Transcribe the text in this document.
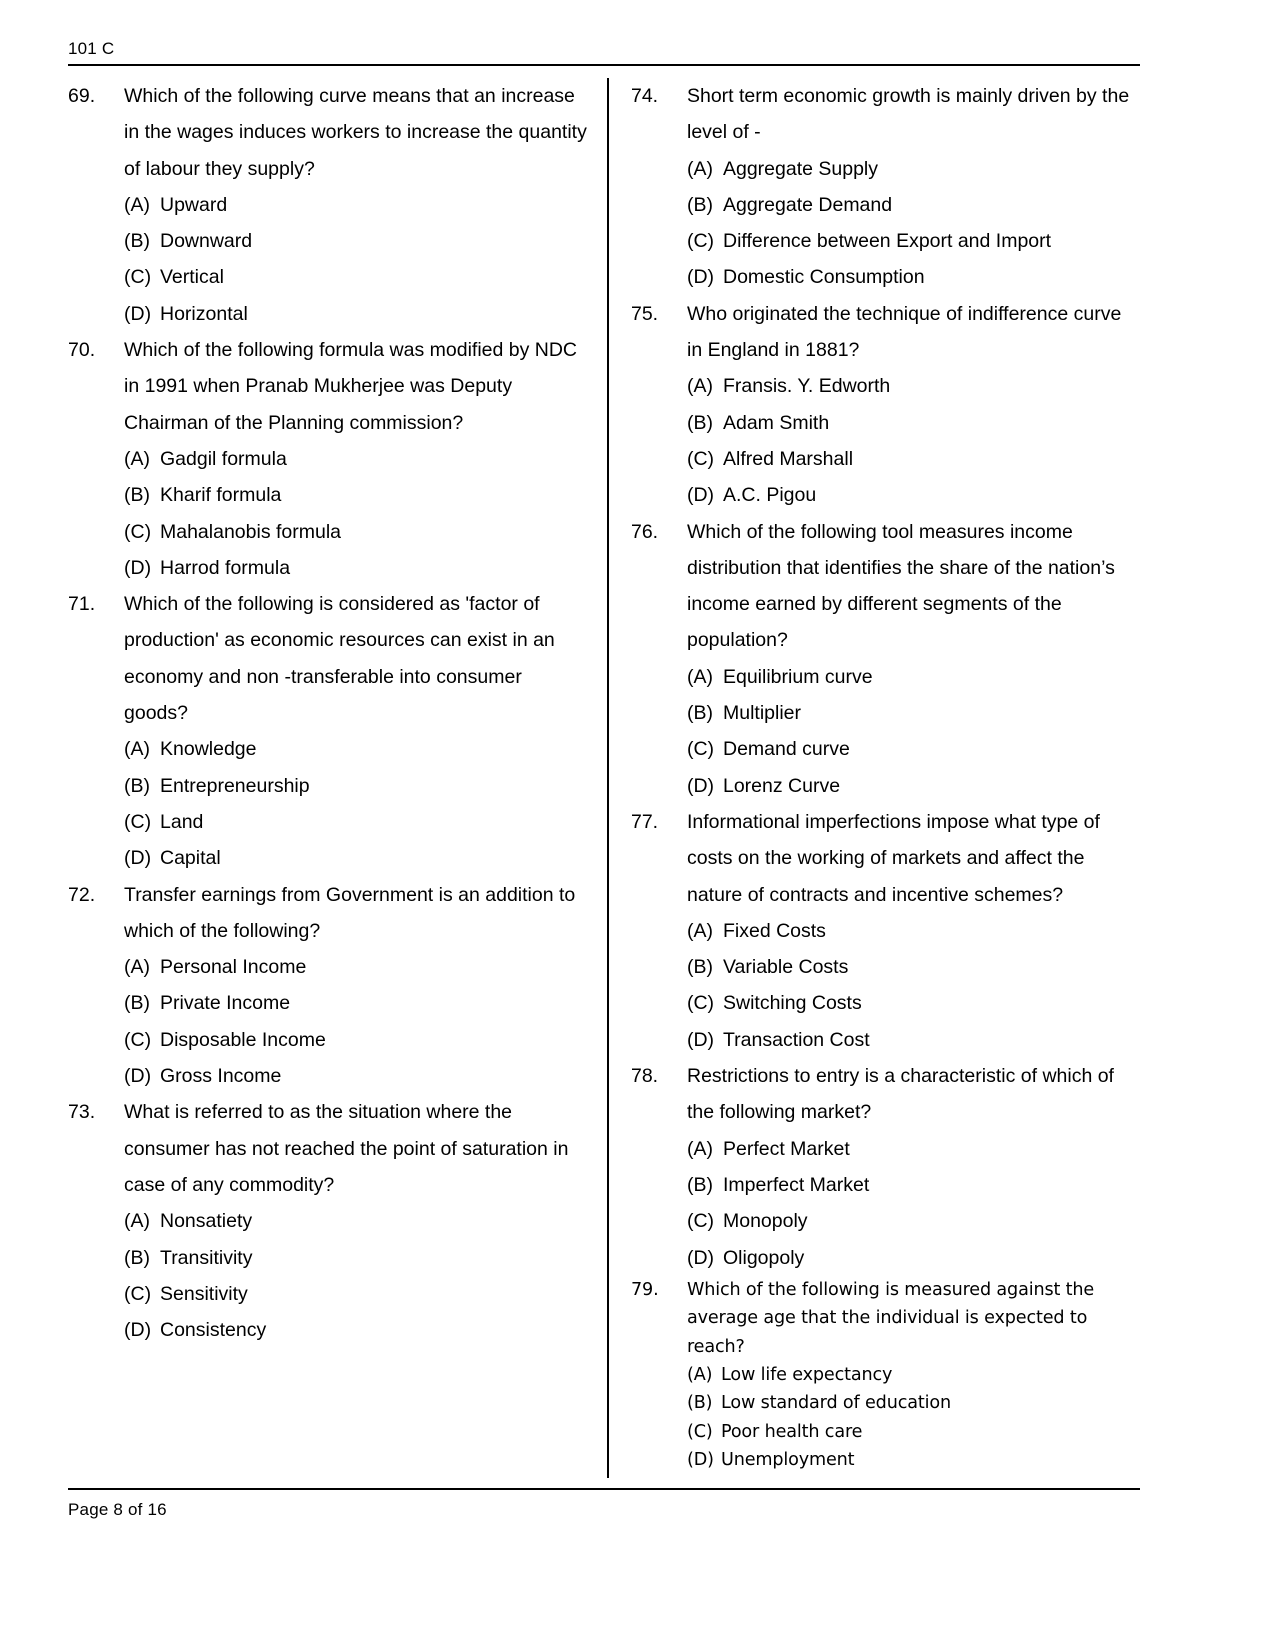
101 C
69.	Which of the following curve means that an increase in the wages induces workers to increase the quantity of labour they supply?
(A) Upward
(B) Downward
(C) Vertical
(D) Horizontal
70.	Which of the following formula was modified by NDC in 1991 when Pranab Mukherjee was Deputy Chairman of the Planning commission?
(A) Gadgil formula
(B) Kharif formula
(C) Mahalanobis formula
(D) Harrod formula
71.	Which of the following is considered as 'factor of production' as economic resources can exist in an economy and non -transferable into consumer goods?
(A) Knowledge
(B) Entrepreneurship
(C) Land
(D) Capital
72.	Transfer earnings from Government is an addition to which of the following?
(A) Personal Income
(B) Private Income
(C) Disposable Income
(D) Gross Income
73.	What is referred to as the situation where the consumer has not reached the point of saturation in case of any commodity?
(A) Nonsatiety
(B) Transitivity
(C) Sensitivity
(D) Consistency
74.	Short term economic growth is mainly driven by the level of -
(A) Aggregate Supply
(B) Aggregate Demand
(C) Difference between Export and Import
(D) Domestic Consumption
75.	Who originated the technique of indifference curve in England in 1881?
(A) Fransis. Y. Edworth
(B) Adam Smith
(C) Alfred Marshall
(D) A.C. Pigou
76.	Which of the following tool measures income distribution that identifies the share of the nation’s income earned by different segments of the population?
(A) Equilibrium curve
(B) Multiplier
(C) Demand curve
(D) Lorenz Curve
77.	Informational imperfections impose what type of costs on the working of markets and affect the nature of contracts and incentive schemes?
(A) Fixed Costs
(B) Variable Costs
(C) Switching Costs
(D) Transaction Cost
78.	Restrictions to entry is a characteristic of which of the following market?
(A) Perfect Market
(B) Imperfect Market
(C) Monopoly
(D) Oligopoly
79.	Which of the following is measured against the average age that the individual is expected to reach?
(A) Low life expectancy
(B) Low standard of education
(C) Poor health care
(D) Unemployment
Page 8 of 16
